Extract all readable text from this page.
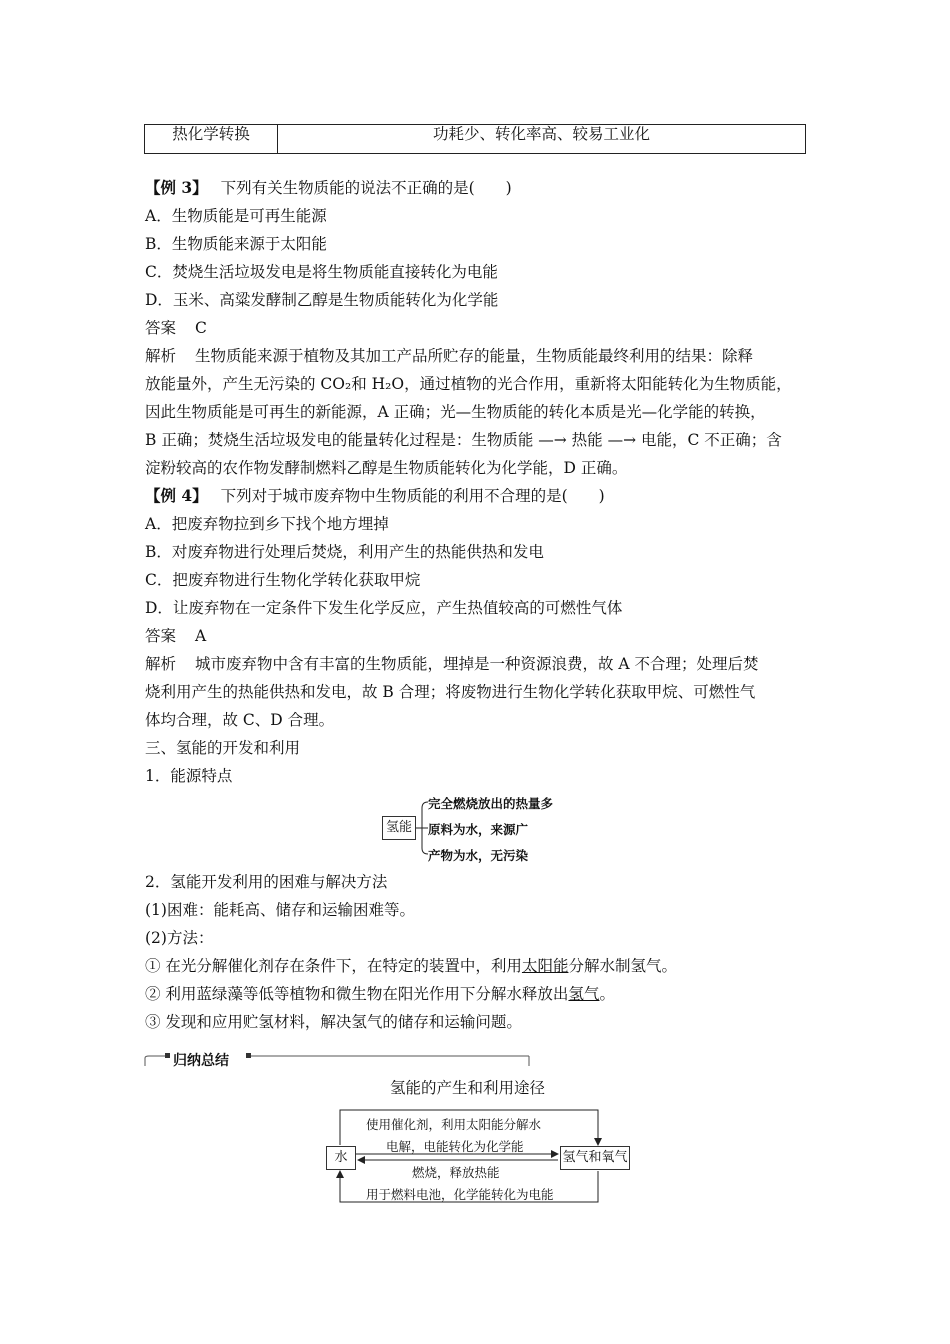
热化学转换	功耗少、转化率高、较易工业化
【例 3】 下列有关生物质能的说法不正确的是(　　)
A．生物质能是可再生能源
B．生物质能来源于太阳能
C．焚烧生活垃圾发电是将生物质能直接转化为电能
D．玉米、高粱发酵制乙醇是生物质能转化为化学能
答案 C
解析 生物质能来源于植物及其加工产品所贮存的能量，生物质能最终利用的结果：除释
放能量外，产生无污染的 CO₂和 H₂O，通过植物的光合作用，重新将太阳能转化为生物质能，
因此生物质能是可再生的新能源，A 正确；光—生物质能的转化本质是光—化学能的转换，
B 正确；焚烧生活垃圾发电的能量转化过程是：生物质能 —→ 热能 —→ 电能，C 不正确；含
淀粉较高的农作物发酵制燃料乙醇是生物质能转化为化学能，D 正确。
【例 4】 下列对于城市废弃物中生物质能的利用不合理的是(　　)
A．把废弃物拉到乡下找个地方埋掉
B．对废弃物进行处理后焚烧，利用产生的热能供热和发电
C．把废弃物进行生物化学转化获取甲烷
D．让废弃物在一定条件下发生化学反应，产生热值较高的可燃性气体
答案 A
解析 城市废弃物中含有丰富的生物质能，埋掉是一种资源浪费，故 A 不合理；处理后焚
烧利用产生的热能供热和发电，故 B 合理；将废物进行生物化学转化获取甲烷、可燃性气
体均合理，故 C、D 合理。
三、氢能的开发和利用
1．能源特点
氢能
完全燃烧放出的热量多
原料为水，来源广
产物为水，无污染
2．氢能开发利用的困难与解决方法
(1)困难：能耗高、储存和运输困难等。
(2)方法：
① 在光分解催化剂存在条件下，在特定的装置中，利用太阳能分解水制氢气。
② 利用蓝绿藻等低等植物和微生物在阳光作用下分解水释放出氢气。
③ 发现和应用贮氢材料，解决氢气的储存和运输问题。
归纳总结
氢能的产生和利用途径
水	氢气和氧气
使用催化剂，利用太阳能分解水
电解，电能转化为化学能
燃烧，释放热能
用于燃料电池，化学能转化为电能
